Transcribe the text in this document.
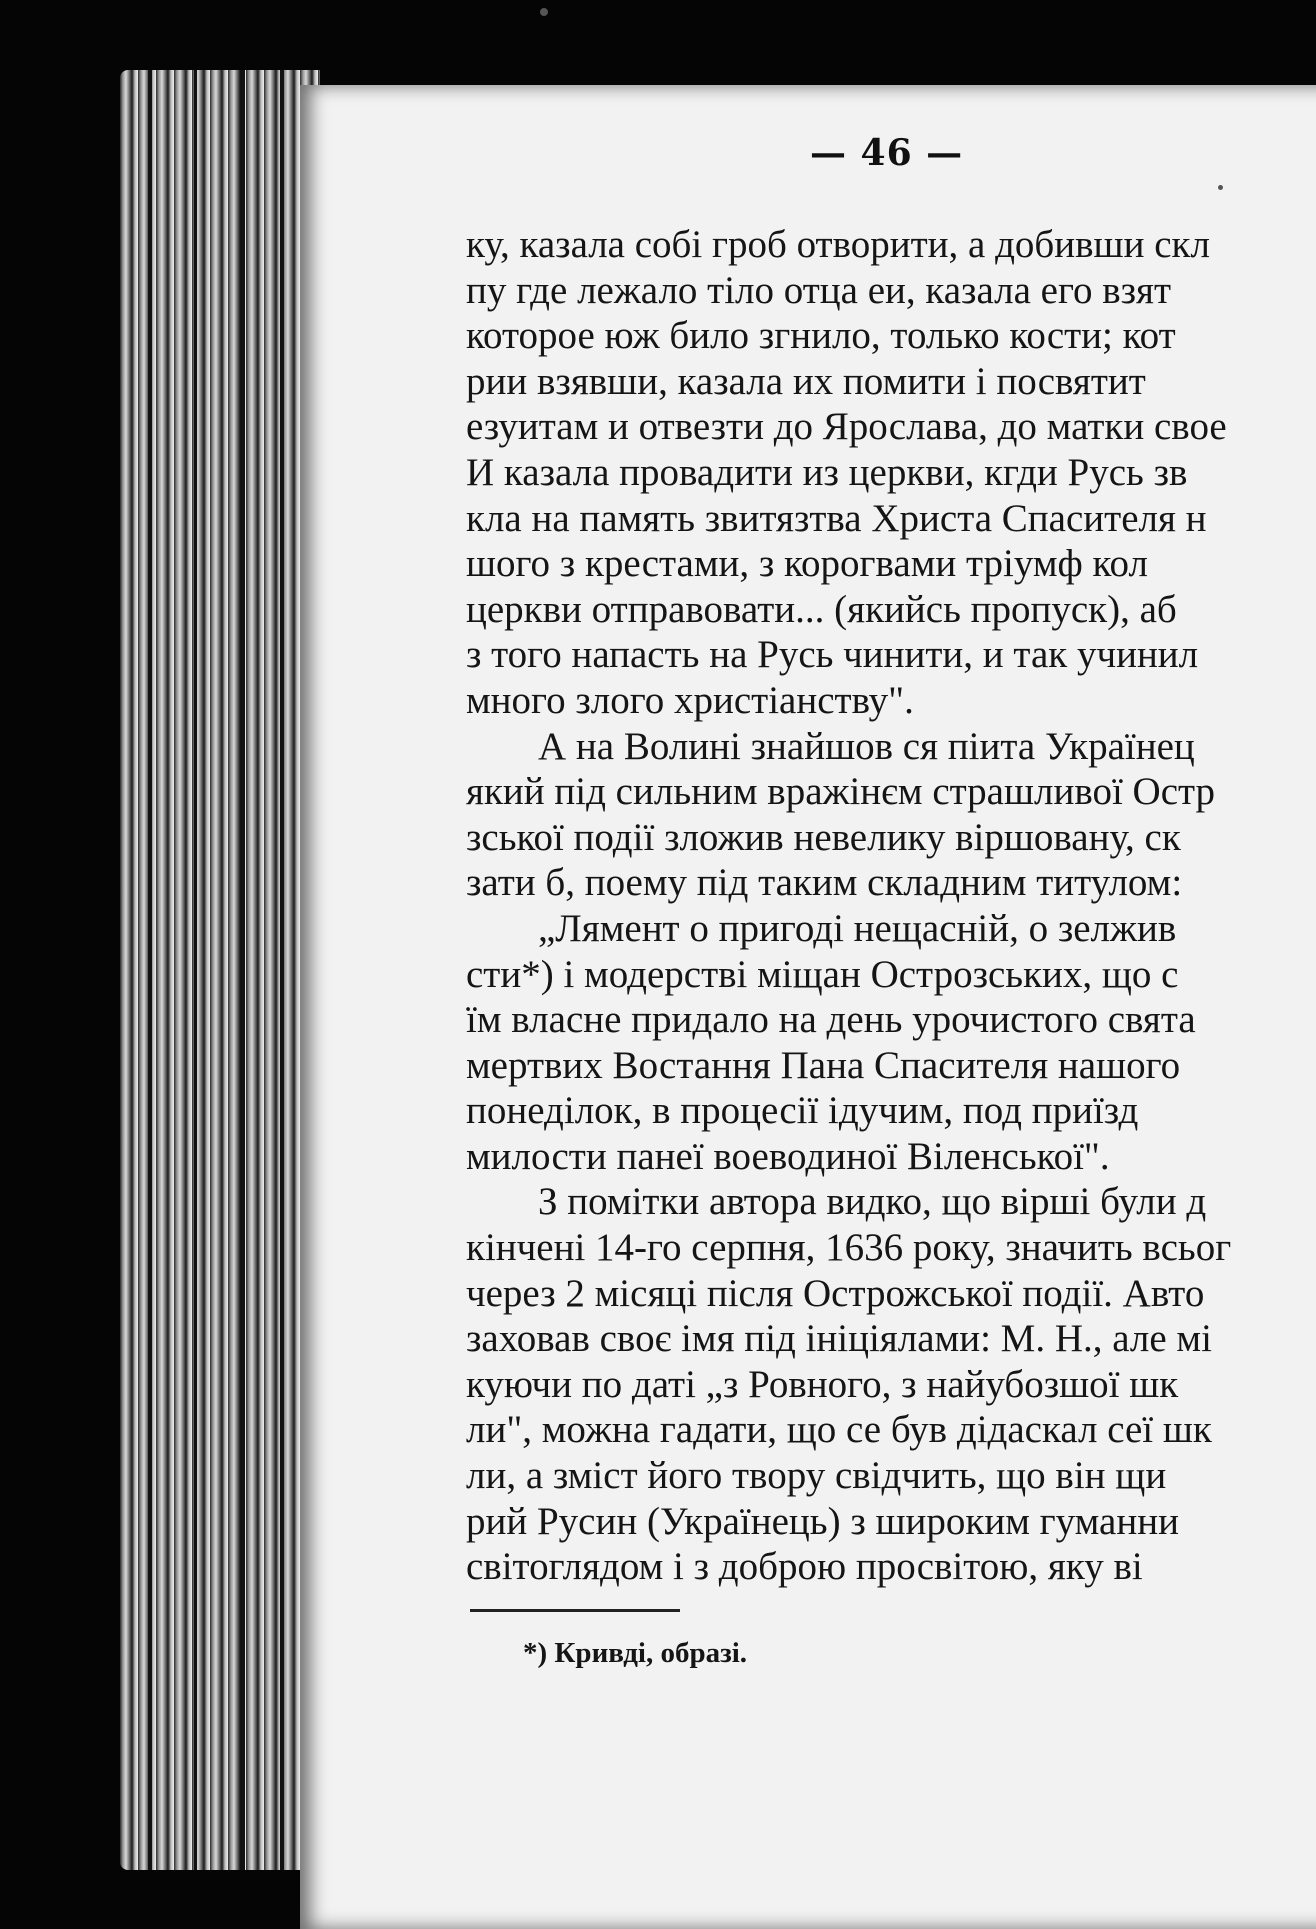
— 46 —
ку, казала собі гроб отворити, а добивши скл
пу где лежало тіло отца еи, казала его взят
которое юж било згнило, только кости; кот
рии взявши, казала их помити і посвятит
езуитам и отвезти до Ярослава, до матки свое
И казала провадити из церкви, кгди Русь зв
кла на память звитязтва Христа Спасителя н
шого з крестами, з корогвами тріумф кол
церкви отправовати... (якийсь пропуск), аб
з того напасть на Русь чинити, и так учинил
много злого христіанству".
А на Волині знайшов ся піита Українец
який під сильним вражінєм страшливої Остр
зської події зложив невелику віршовану, ск
зати б, поему під таким складним титулом:
„Лямент о пригоді нещасній, о зелжив
сти*) і модерстві міщан Острозських, що с
їм власне придало на день урочистого свята
мертвих Востання Пана Спасителя нашого
понеділок, в процесії ідучим, под приїзд
милости панеї воеводиної Віленської".
З помітки автора видко, що вірші були д
кінчені 14-го серпня, 1636 року, значить всьог
через 2 місяці після Острожської події. Авто
заховав своє імя під ініціялами: М. Н., але мі
куючи по даті „з Ровного, з найубозшої шк
ли", можна гадати, що се був дідаскал сеї шк
ли, а зміст його твору свідчить, що він щи
рий Русин (Українець) з широким гуманни
світоглядом і з доброю просвітою, яку ві
*) Кривді, образі.
